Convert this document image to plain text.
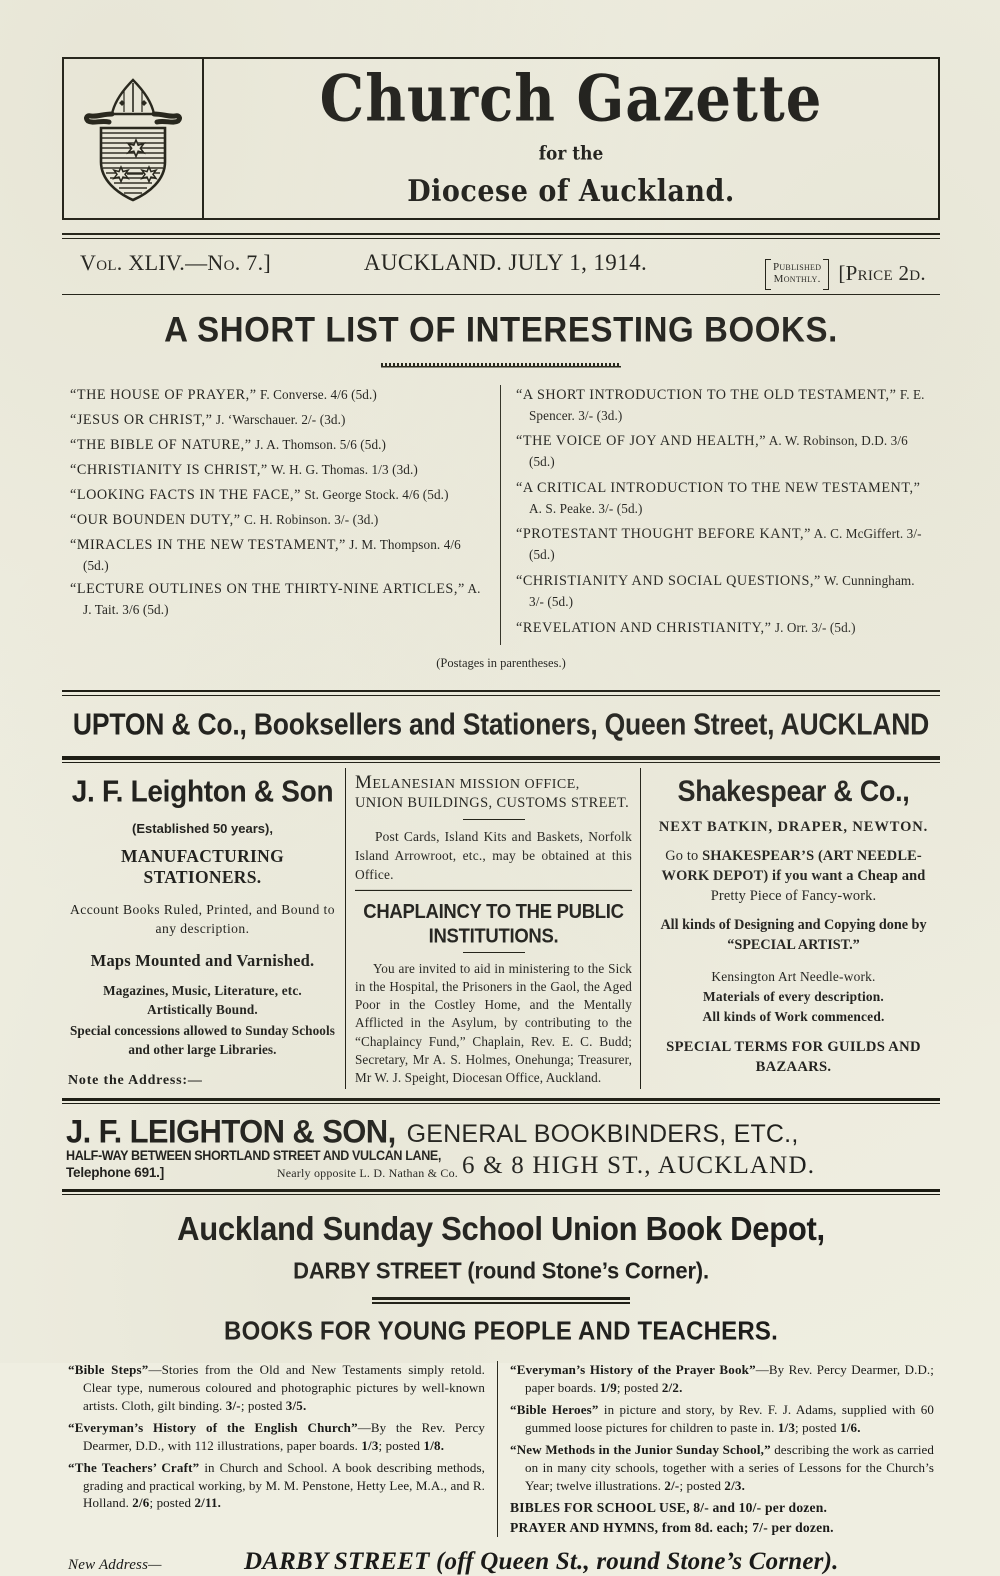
Church Gazette
for the
Diocese of Auckland.
Vol. XLIV.—No. 7.]	AUCKLAND. JULY 1, 1914.	Published
Monthly. [Price 2d.
A SHORT LIST OF INTERESTING BOOKS.
“THE HOUSE OF PRAYER,” F. Converse. 4/6 (5d.)
“JESUS OR CHRIST,” J. ‘Warschauer. 2/- (3d.)
“THE BIBLE OF NATURE,” J. A. Thomson. 5/6 (5d.)
“CHRISTIANITY IS CHRIST,” W. H. G. Thomas. 1/3 (3d.)
“LOOKING FACTS IN THE FACE,” St. George Stock. 4/6 (5d.)
“OUR BOUNDEN DUTY,” C. H. Robinson. 3/- (3d.)
“MIRACLES IN THE NEW TESTAMENT,” J. M. Thompson. 4/6 (5d.)
“LECTURE OUTLINES ON THE THIRTY-NINE ARTICLES,” A. J. Tait. 3/6 (5d.)
“A SHORT INTRODUCTION TO THE OLD TESTAMENT,” F. E. Spencer. 3/- (3d.)
“THE VOICE OF JOY AND HEALTH,” A. W. Robinson, D.D. 3/6 (5d.)
“A CRITICAL INTRODUCTION TO THE NEW TESTAMENT,” A. S. Peake. 3/- (5d.)
“PROTESTANT THOUGHT BEFORE KANT,” A. C. McGiffert. 3/- (5d.)
“CHRISTIANITY AND SOCIAL QUESTIONS,” W. Cunningham. 3/- (5d.)
“REVELATION AND CHRISTIANITY,” J. Orr. 3/- (5d.)
(Postages in parentheses.)
UPTON & Co., Booksellers and Stationers, Queen Street, AUCKLAND
J. F. Leighton & Son
(Established 50 years),
MANUFACTURING STATIONERS.
Account Books Ruled, Printed, and Bound to any description.
Maps Mounted and Varnished.
Magazines, Music, Literature, etc.
Artistically Bound.
Special concessions allowed to Sunday Schools and other large Libraries.
Note the Address:—
MELANESIAN MISSION OFFICE,
UNION BUILDINGS, CUSTOMS STREET.
Post Cards, Island Kits and Baskets, Norfolk Island Arrowroot, etc., may be obtained at this Office.
CHAPLAINCY TO THE PUBLIC INSTITUTIONS.
You are invited to aid in ministering to the Sick in the Hospital, the Prisoners in the Gaol, the Aged Poor in the Costley Home, and the Mentally Afflicted in the Asylum, by contributing to the “Chaplaincy Fund,” Chaplain, Rev. E. C. Budd; Secretary, Mr A. S. Holmes, Onehunga; Treasurer, Mr W. J. Speight, Diocesan Office, Auckland.
Shakespear & Co.,
NEXT BATKIN, DRAPER, NEWTON.
Go to SHAKESPEAR’S (ART NEEDLE-WORK DEPOT) if you want a Cheap and
Pretty Piece of Fancy-work.
All kinds of Designing and Copying done by “SPECIAL ARTIST.”
Kensington Art Needle-work.
Materials of every description.
All kinds of Work commenced.
SPECIAL TERMS FOR GUILDS AND BAZAARS.
J. F. LEIGHTON & SON, GENERAL BOOKBINDERS, ETC.,
HALF-WAY BETWEEN SHORTLAND STREET AND VULCAN LANE,
Telephone 691.]	Nearly opposite L. D. Nathan & Co. 6 & 8 HIGH ST., AUCKLAND.
Auckland Sunday School Union Book Depot,
DARBY STREET (round Stone’s Corner).
BOOKS FOR YOUNG PEOPLE AND TEACHERS.
“Bible Steps”—Stories from the Old and New Testaments simply retold. Clear type, numerous coloured and photographic pictures by well-known artists. Cloth, gilt binding. 3/-; posted 3/5.
“Everyman’s History of the English Church”—By the Rev. Percy Dearmer, D.D., with 112 illustrations, paper boards. 1/3; posted 1/8.
“The Teachers’ Craft” in Church and School. A book describing methods, grading and practical working, by M. M. Penstone, Hetty Lee, M.A., and R. Holland. 2/6; posted 2/11.
“Everyman’s History of the Prayer Book”—By Rev. Percy Dearmer, D.D.; paper boards. 1/9; posted 2/2.
“Bible Heroes” in picture and story, by Rev. F. J. Adams, supplied with 60 gummed loose pictures for children to paste in. 1/3; posted 1/6.
“New Methods in the Junior Sunday School,” describing the work as carried on in many city schools, together with a series of Lessons for the Church’s Year; twelve illustrations. 2/-; posted 2/3.
BIBLES FOR SCHOOL USE, 8/- and 10/- per dozen.
PRAYER AND HYMNS, from 8d. each; 7/- per dozen.
New Address—	DARBY STREET (off Queen St., round Stone’s Corner).
